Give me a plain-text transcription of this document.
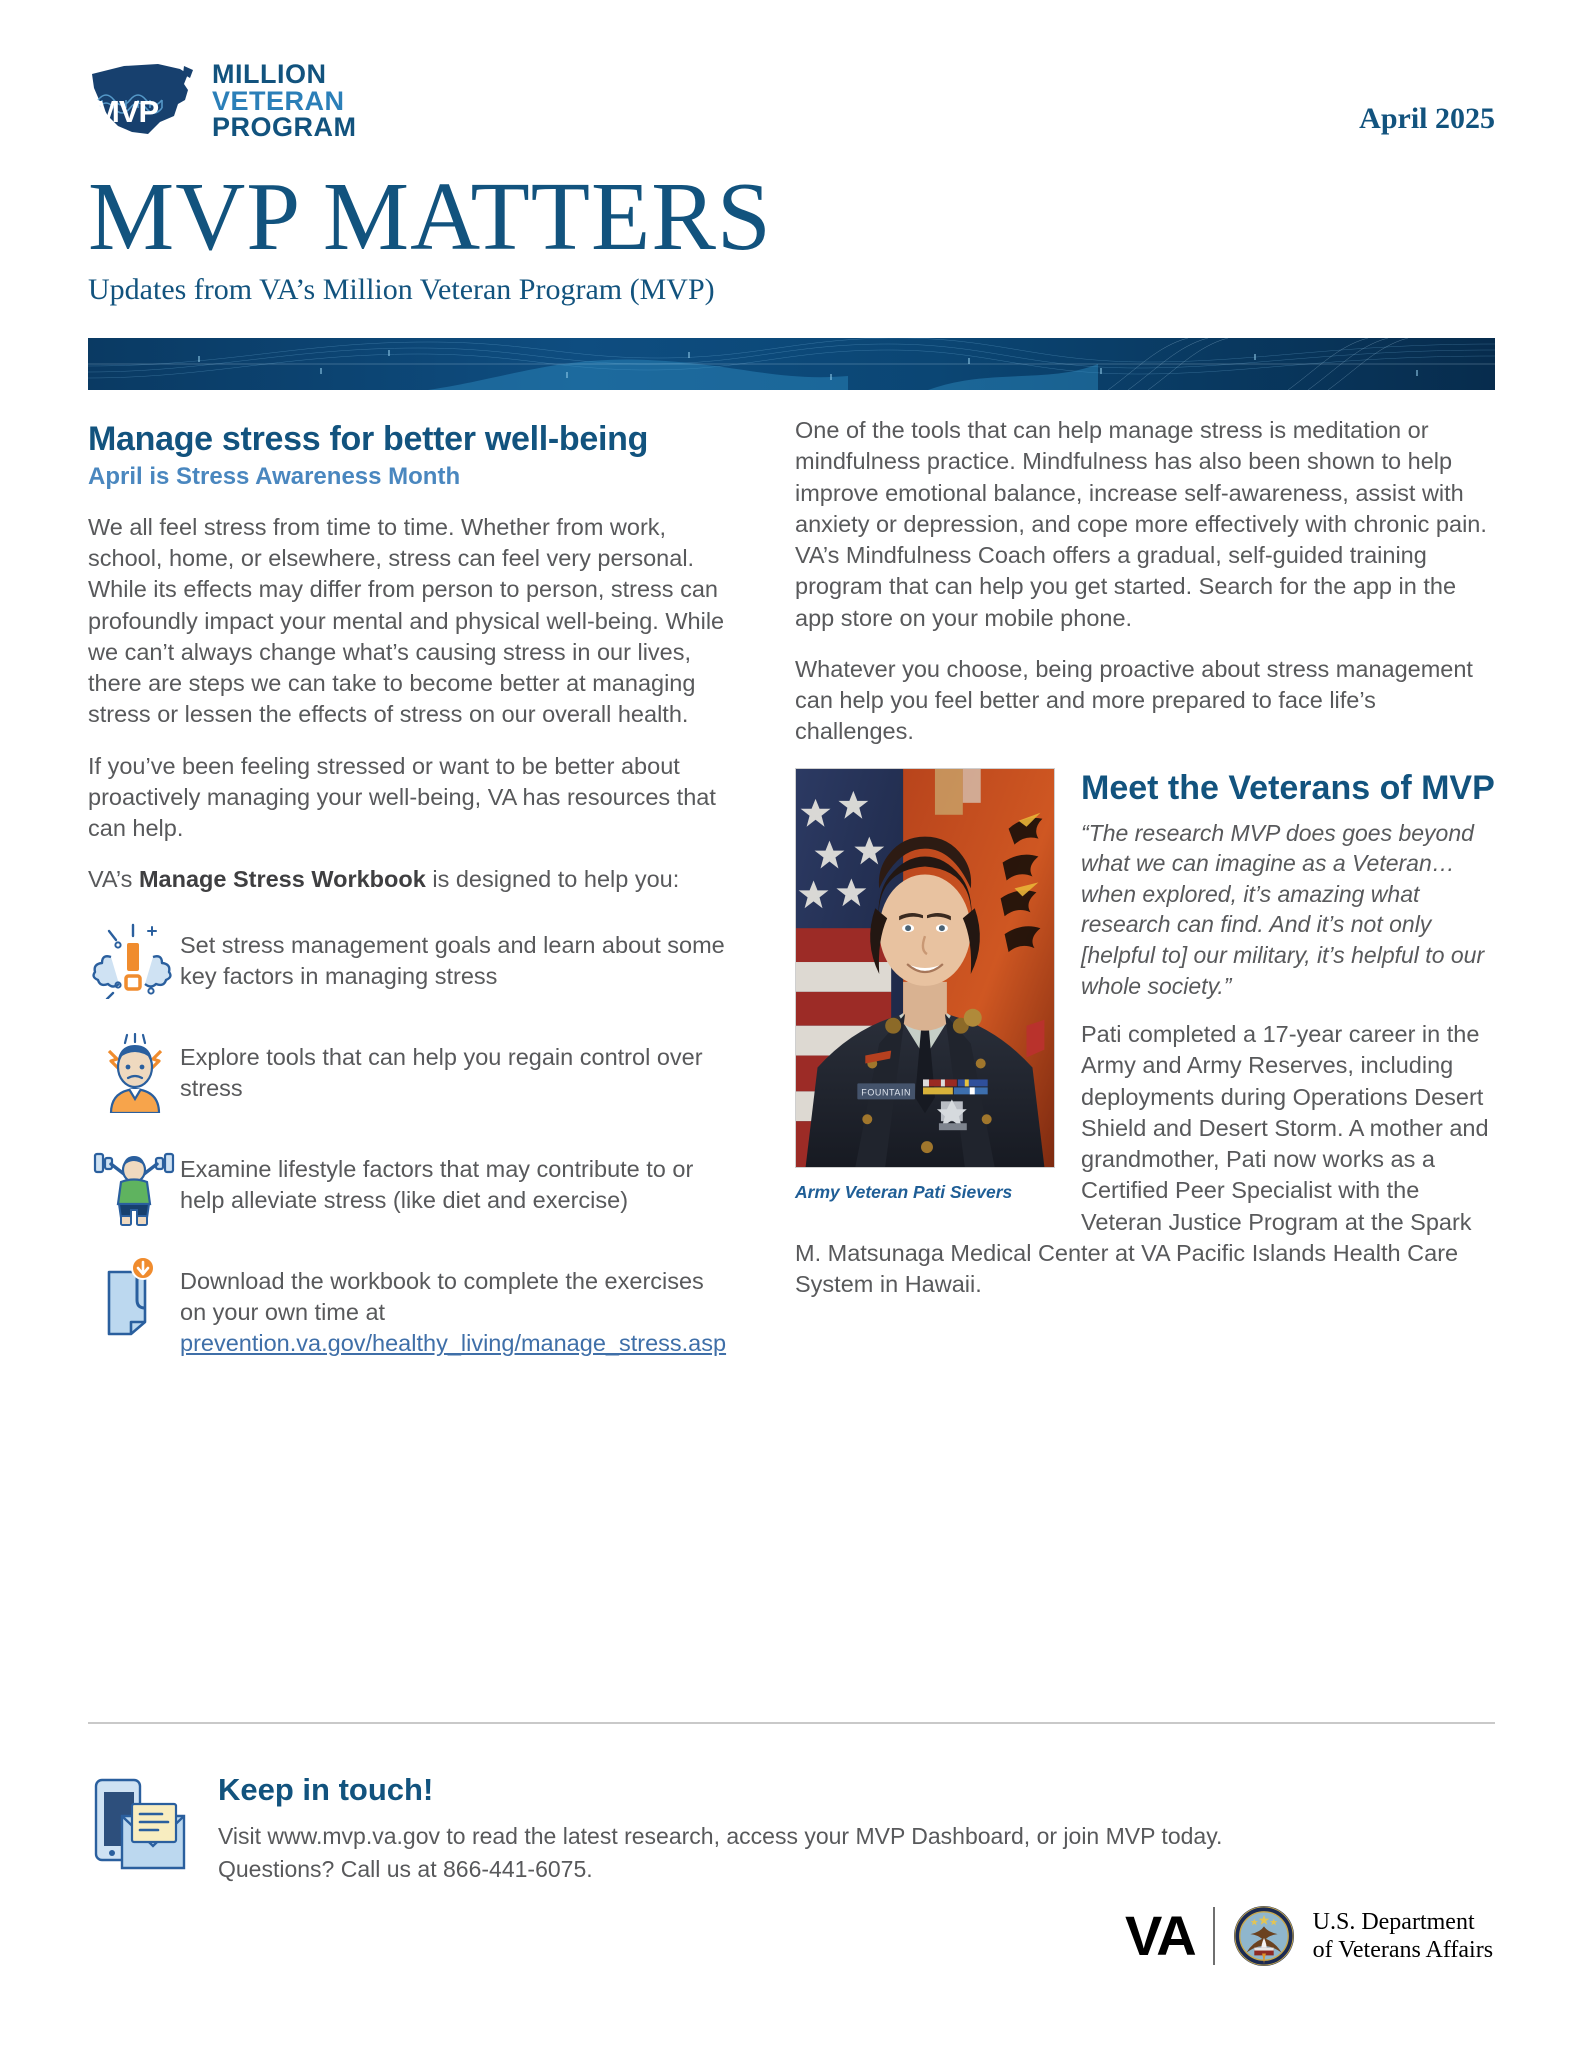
MVP
MILLION
VETERAN
PROGRAM	April 2025
MVP MATTERS
Updates from VA’s Million Veteran Program (MVP)
Manage stress for better well-being
April is Stress Awareness Month

We all feel stress from time to time. Whether from work, school, home, or elsewhere, stress can feel very personal. While its effects may differ from person to person, stress can profoundly impact your mental and physical well-being. While we can’t always change what’s causing stress in our lives, there are steps we can take to become better at managing stress or lessen the effects of stress on our overall health.

If you’ve been feeling stressed or want to be better about proactively managing your well-being, VA has resources that can help.

VA’s Manage Stress Workbook is designed to help you:

Set stress management goals and learn about some key factors in managing stress
Explore tools that can help you regain control over stress
Examine lifestyle factors that may contribute to or help alleviate stress (like diet and exercise)
Download the workbook to complete the exercises on your own time at prevention.va.gov/healthy_living/manage_stress.asp

One of the tools that can help manage stress is meditation or mindfulness practice. Mindfulness has also been shown to help improve emotional balance, increase self-awareness, assist with anxiety or depression, and cope more effectively with chronic pain. VA’s Mindfulness Coach offers a gradual, self-guided training program that can help you get started. Search for the app in the app store on your mobile phone.

Whatever you choose, being proactive about stress management can help you feel better and more prepared to face life’s challenges.

FOUNTAIN
Army Veteran Pati Sievers
Meet the Veterans of MVP

“The research MVP does goes beyond what we can imagine as a Veteran…when explored, it’s amazing what research can find. And it’s not only [helpful to] our military, it’s helpful to our whole society.”

Pati completed a 17-year career in the Army and Army Reserves, including deployments during Operations Desert Shield and Desert Storm. A mother and grandmother, Pati now works as a Certified Peer Specialist with the Veteran Justice Program at the Spark M. Matsunaga Medical Center at VA Pacific Islands Health Care System in Hawaii.

Keep in touch!

Visit www.mvp.va.gov to read the latest research, access your MVP Dashboard, or join MVP today.

Questions? Call us at 866-441-6075.

VA	U.S. Department
of Veterans Affairs
